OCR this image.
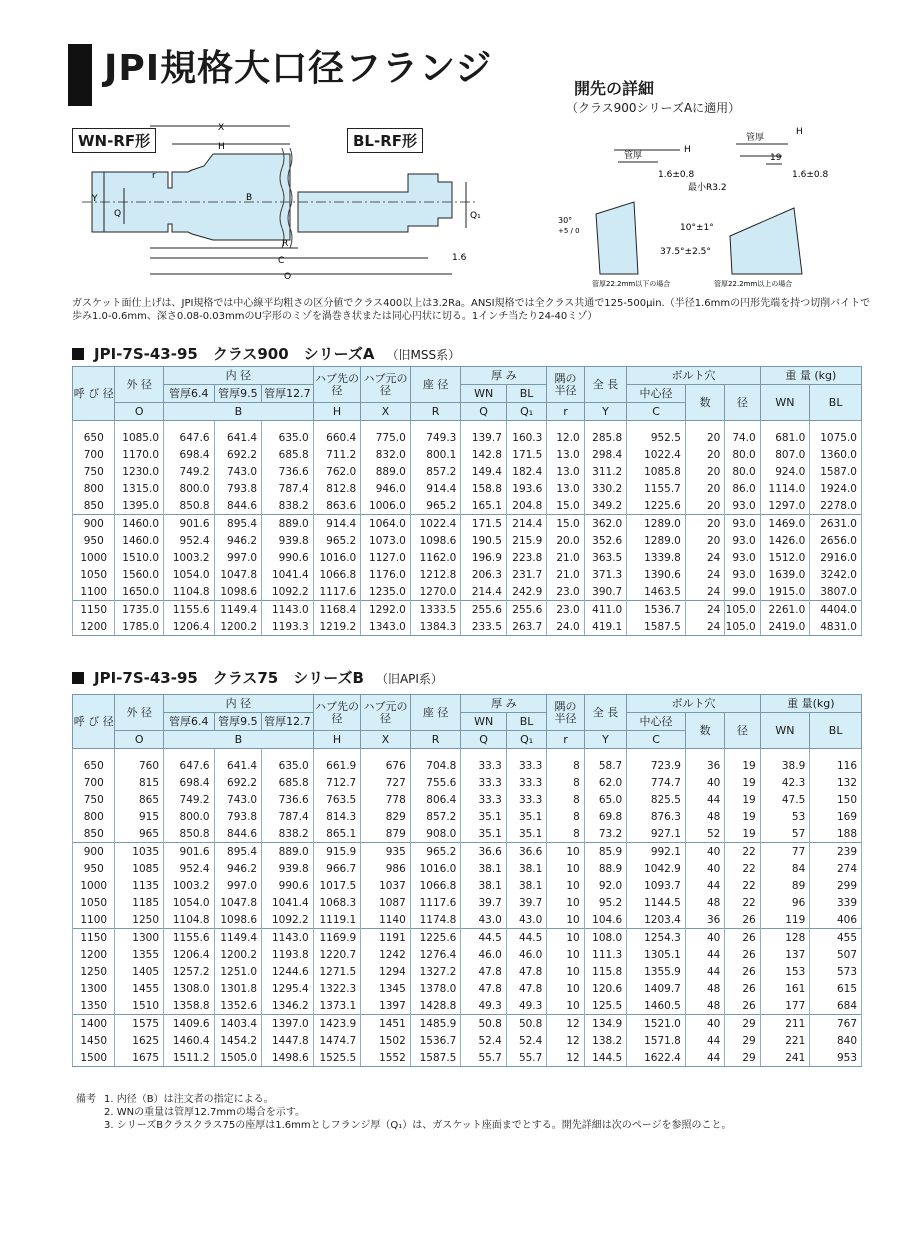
JPI規格大口径フランジ
X
H
r
Y
Q
B
R
C
O
Q₁
1.6
WN-RF形	BL-RF形
開先の詳細
（クラス900シリーズAに適用）
H
管厚
1.6±0.8
30°
+5 / 0
H
管厚
19
1.6±0.8
最小R3.2
10°±1°
37.5°±2.5°
管厚22.2mm以下の場合	管厚22.2mm以上の場合
ガスケット面仕上げは、JPI規格では中心線平均粗さの区分値でクラス400以上は3.2Ra。ANSI規格では全クラス共通で125-500μin.（半径1.6mmの円形先端を持つ切削バイトで歩み1.0-0.6mm、深さ0.08-0.03mmのU字形のミゾを渦巻き状または同心円状に切る。1インチ当たり24-40ミゾ）
JPI-7S-43-95　クラス900　シリーズA （旧MSS系）
呼 び 径	外 径	内 径			ハブ先の 径	ハブ元の 径	座 径	厚 み		隅の 半径	全 長	ボルト穴			重 量 (kg)	
		管厚6.4	管厚9.5	管厚12.7				WN	BL			中心径	数	径	WN	BL
	O	B			H	X	R	Q	Q₁	r	Y	C				

650	1085.0	647.6	641.4	635.0	660.4	775.0	749.3	139.7	160.3	12.0	285.8	952.5	20	74.0	681.0	1075.0
700	1170.0	698.4	692.2	685.8	711.2	832.0	800.1	142.8	171.5	13.0	298.4	1022.4	20	80.0	807.0	1360.0
750	1230.0	749.2	743.0	736.6	762.0	889.0	857.2	149.4	182.4	13.0	311.2	1085.8	20	80.0	924.0	1587.0
800	1315.0	800.0	793.8	787.4	812.8	946.0	914.4	158.8	193.6	13.0	330.2	1155.7	20	86.0	1114.0	1924.0
850	1395.0	850.8	844.6	838.2	863.6	1006.0	965.2	165.1	204.8	15.0	349.2	1225.6	20	93.0	1297.0	2278.0
900	1460.0	901.6	895.4	889.0	914.4	1064.0	1022.4	171.5	214.4	15.0	362.0	1289.0	20	93.0	1469.0	2631.0
950	1460.0	952.4	946.2	939.8	965.2	1073.0	1098.6	190.5	215.9	20.0	352.6	1289.0	20	93.0	1426.0	2656.0
1000	1510.0	1003.2	997.0	990.6	1016.0	1127.0	1162.0	196.9	223.8	21.0	363.5	1339.8	24	93.0	1512.0	2916.0
1050	1560.0	1054.0	1047.8	1041.4	1066.8	1176.0	1212.8	206.3	231.7	21.0	371.3	1390.6	24	93.0	1639.0	3242.0
1100	1650.0	1104.8	1098.6	1092.2	1117.6	1235.0	1270.0	214.4	242.9	23.0	390.7	1463.5	24	99.0	1915.0	3807.0
1150	1735.0	1155.6	1149.4	1143.0	1168.4	1292.0	1333.5	255.6	255.6	23.0	411.0	1536.7	24	105.0	2261.0	4404.0
1200	1785.0	1206.4	1200.2	1193.3	1219.2	1343.0	1384.3	233.5	263.7	24.0	419.1	1587.5	24	105.0	2419.0	4831.0
JPI-7S-43-95　クラス75　シリーズB （旧API系）
呼 び 径	外 径	内 径			ハブ先の 径	ハブ元の 径	座 径	厚 み		隅の 半径	全 長	ボルト穴			重 量(kg)	
		管厚6.4	管厚9.5	管厚12.7				WN	BL			中心径	数	径	WN	BL
	O	B			H	X	R	Q	Q₁	r	Y	C				

650	760	647.6	641.4	635.0	661.9	676	704.8	33.3	33.3	8	58.7	723.9	36	19	38.9	116
700	815	698.4	692.2	685.8	712.7	727	755.6	33.3	33.3	8	62.0	774.7	40	19	42.3	132
750	865	749.2	743.0	736.6	763.5	778	806.4	33.3	33.3	8	65.0	825.5	44	19	47.5	150
800	915	800.0	793.8	787.4	814.3	829	857.2	35.1	35.1	8	69.8	876.3	48	19	53	169
850	965	850.8	844.6	838.2	865.1	879	908.0	35.1	35.1	8	73.2	927.1	52	19	57	188
900	1035	901.6	895.4	889.0	915.9	935	965.2	36.6	36.6	10	85.9	992.1	40	22	77	239
950	1085	952.4	946.2	939.8	966.7	986	1016.0	38.1	38.1	10	88.9	1042.9	40	22	84	274
1000	1135	1003.2	997.0	990.6	1017.5	1037	1066.8	38.1	38.1	10	92.0	1093.7	44	22	89	299
1050	1185	1054.0	1047.8	1041.4	1068.3	1087	1117.6	39.7	39.7	10	95.2	1144.5	48	22	96	339
1100	1250	1104.8	1098.6	1092.2	1119.1	1140	1174.8	43.0	43.0	10	104.6	1203.4	36	26	119	406
1150	1300	1155.6	1149.4	1143.0	1169.9	1191	1225.6	44.5	44.5	10	108.0	1254.3	40	26	128	455
1200	1355	1206.4	1200.2	1193.8	1220.7	1242	1276.4	46.0	46.0	10	111.3	1305.1	44	26	137	507
1250	1405	1257.2	1251.0	1244.6	1271.5	1294	1327.2	47.8	47.8	10	115.8	1355.9	44	26	153	573
1300	1455	1308.0	1301.8	1295.4	1322.3	1345	1378.0	47.8	47.8	10	120.6	1409.7	48	26	161	615
1350	1510	1358.8	1352.6	1346.2	1373.1	1397	1428.8	49.3	49.3	10	125.5	1460.5	48	26	177	684
1400	1575	1409.6	1403.4	1397.0	1423.9	1451	1485.9	50.8	50.8	12	134.9	1521.0	40	29	211	767
1450	1625	1460.4	1454.2	1447.8	1474.7	1502	1536.7	52.4	52.4	12	138.2	1571.8	44	29	221	840
1500	1675	1511.2	1505.0	1498.6	1525.5	1552	1587.5	55.7	55.7	12	144.5	1622.4	44	29	241	953
備考 1. 内径（B）は注文者の指定による。
2. WNの重量は管厚12.7mmの場合を示す。
3. シリーズBクラスクラス75の座厚は1.6mmとしフランジ厚（Q₁）は、ガスケット座面までとする。開先詳細は次のページを参照のこと。
